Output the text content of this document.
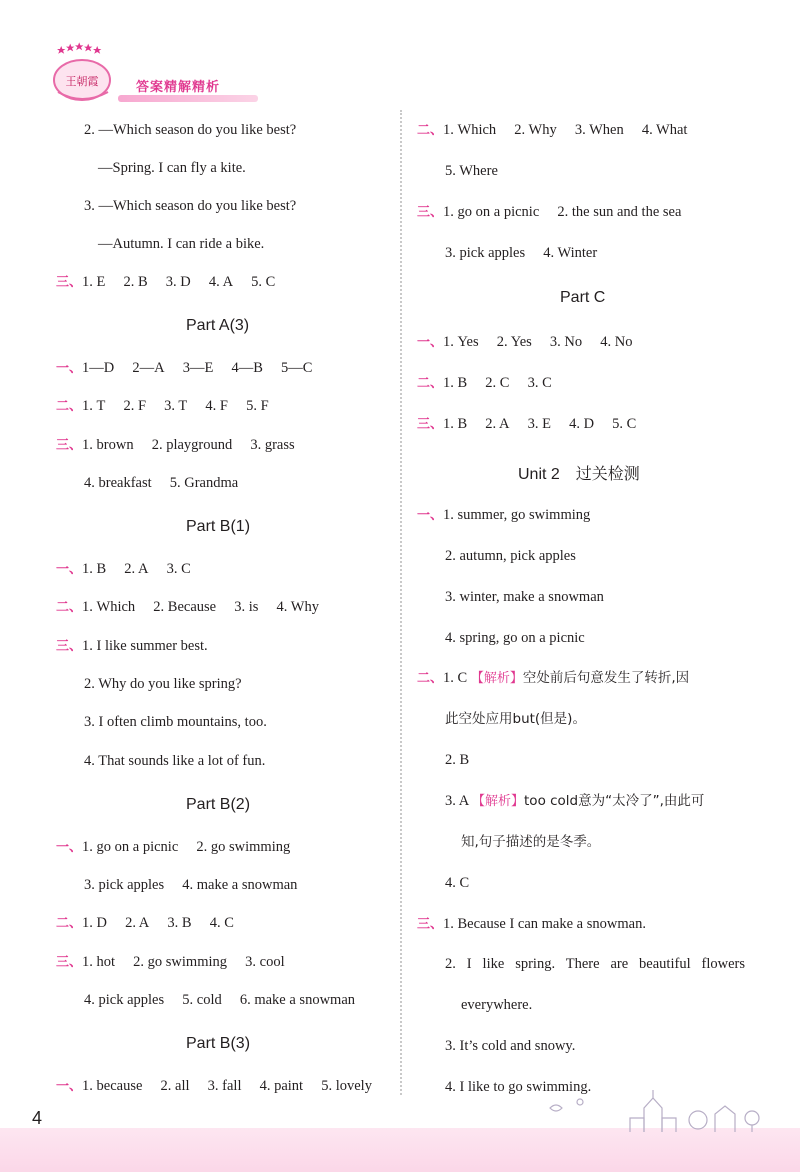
王朝霞	答案精解精析
2. —Which season do you like best?
—Spring. I can fly a kite.
3. —Which season do you like best?
—Autumn. I can ride a bike.
三、1. E  2. B  3. D  4. A  5. C
Part A(3)
一、1—D  2—A  3—E  4—B  5—C
二、1. T  2. F  3. T  4. F  5. F
三、1. brown  2. playground  3. grass
4. breakfast  5. Grandma
Part B(1)
一、1. B  2. A  3. C
二、1. Which  2. Because  3. is  4. Why
三、1. I like summer best.
2. Why do you like spring?
3. I often climb mountains, too.
4. That sounds like a lot of fun.
Part B(2)
一、1. go on a picnic  2. go swimming
3. pick apples  4. make a snowman
二、1. D  2. A  3. B  4. C
三、1. hot  2. go swimming  3. cool
4. pick apples  5. cold  6. make a snowman
Part B(3)
一、1. because  2. all  3. fall  4. paint  5. lovely
二、1. Which  2. Why  3. When  4. What
5. Where
三、1. go on a picnic  2. the sun and the sea
3. pick apples  4. Winter
Part C
一、1. Yes  2. Yes  3. No  4. No
二、1. B  2. C  3. C
三、1. B  2. A  3. E  4. D  5. C
Unit 2 过关检测
一、1. summer, go swimming
2. autumn, pick apples
3. winter, make a snowman
4. spring, go on a picnic
二、1. C 【解析】空处前后句意发生了转折,因
此空处应用but(但是)。
2. B
3. A 【解析】too cold意为“太冷了”,由此可
知,句子描述的是冬季。
4. C
三、1. Because I can make a snowman.
2. I like spring. There are beautiful flowers
everywhere.
3. It’s cold and snowy.
4. I like to go swimming.
4
